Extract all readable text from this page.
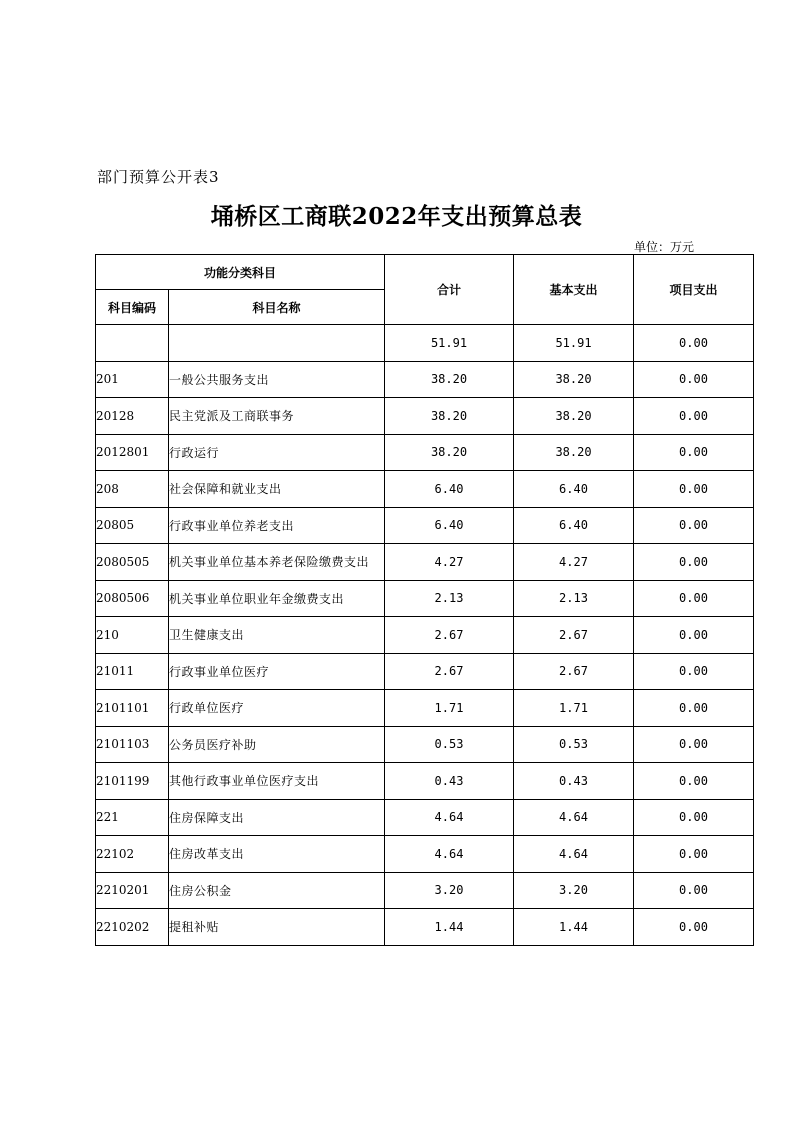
部门预算公开表3
埇桥区工商联2022年支出预算总表
单位：万元
功能分类科目		合计	基本支出	项目支出
科目编码	科目名称			
		51.91	51.91	0.00
201	一般公共服务支出	38.20	38.20	0.00
20128	民主党派及工商联事务	38.20	38.20	0.00
2012801	行政运行	38.20	38.20	0.00
208	社会保障和就业支出	6.40	6.40	0.00
20805	行政事业单位养老支出	6.40	6.40	0.00
2080505	机关事业单位基本养老保险缴费支出	4.27	4.27	0.00
2080506	机关事业单位职业年金缴费支出	2.13	2.13	0.00
210	卫生健康支出	2.67	2.67	0.00
21011	行政事业单位医疗	2.67	2.67	0.00
2101101	行政单位医疗	1.71	1.71	0.00
2101103	公务员医疗补助	0.53	0.53	0.00
2101199	其他行政事业单位医疗支出	0.43	0.43	0.00
221	住房保障支出	4.64	4.64	0.00
22102	住房改革支出	4.64	4.64	0.00
2210201	住房公积金	3.20	3.20	0.00
2210202	提租补贴	1.44	1.44	0.00
